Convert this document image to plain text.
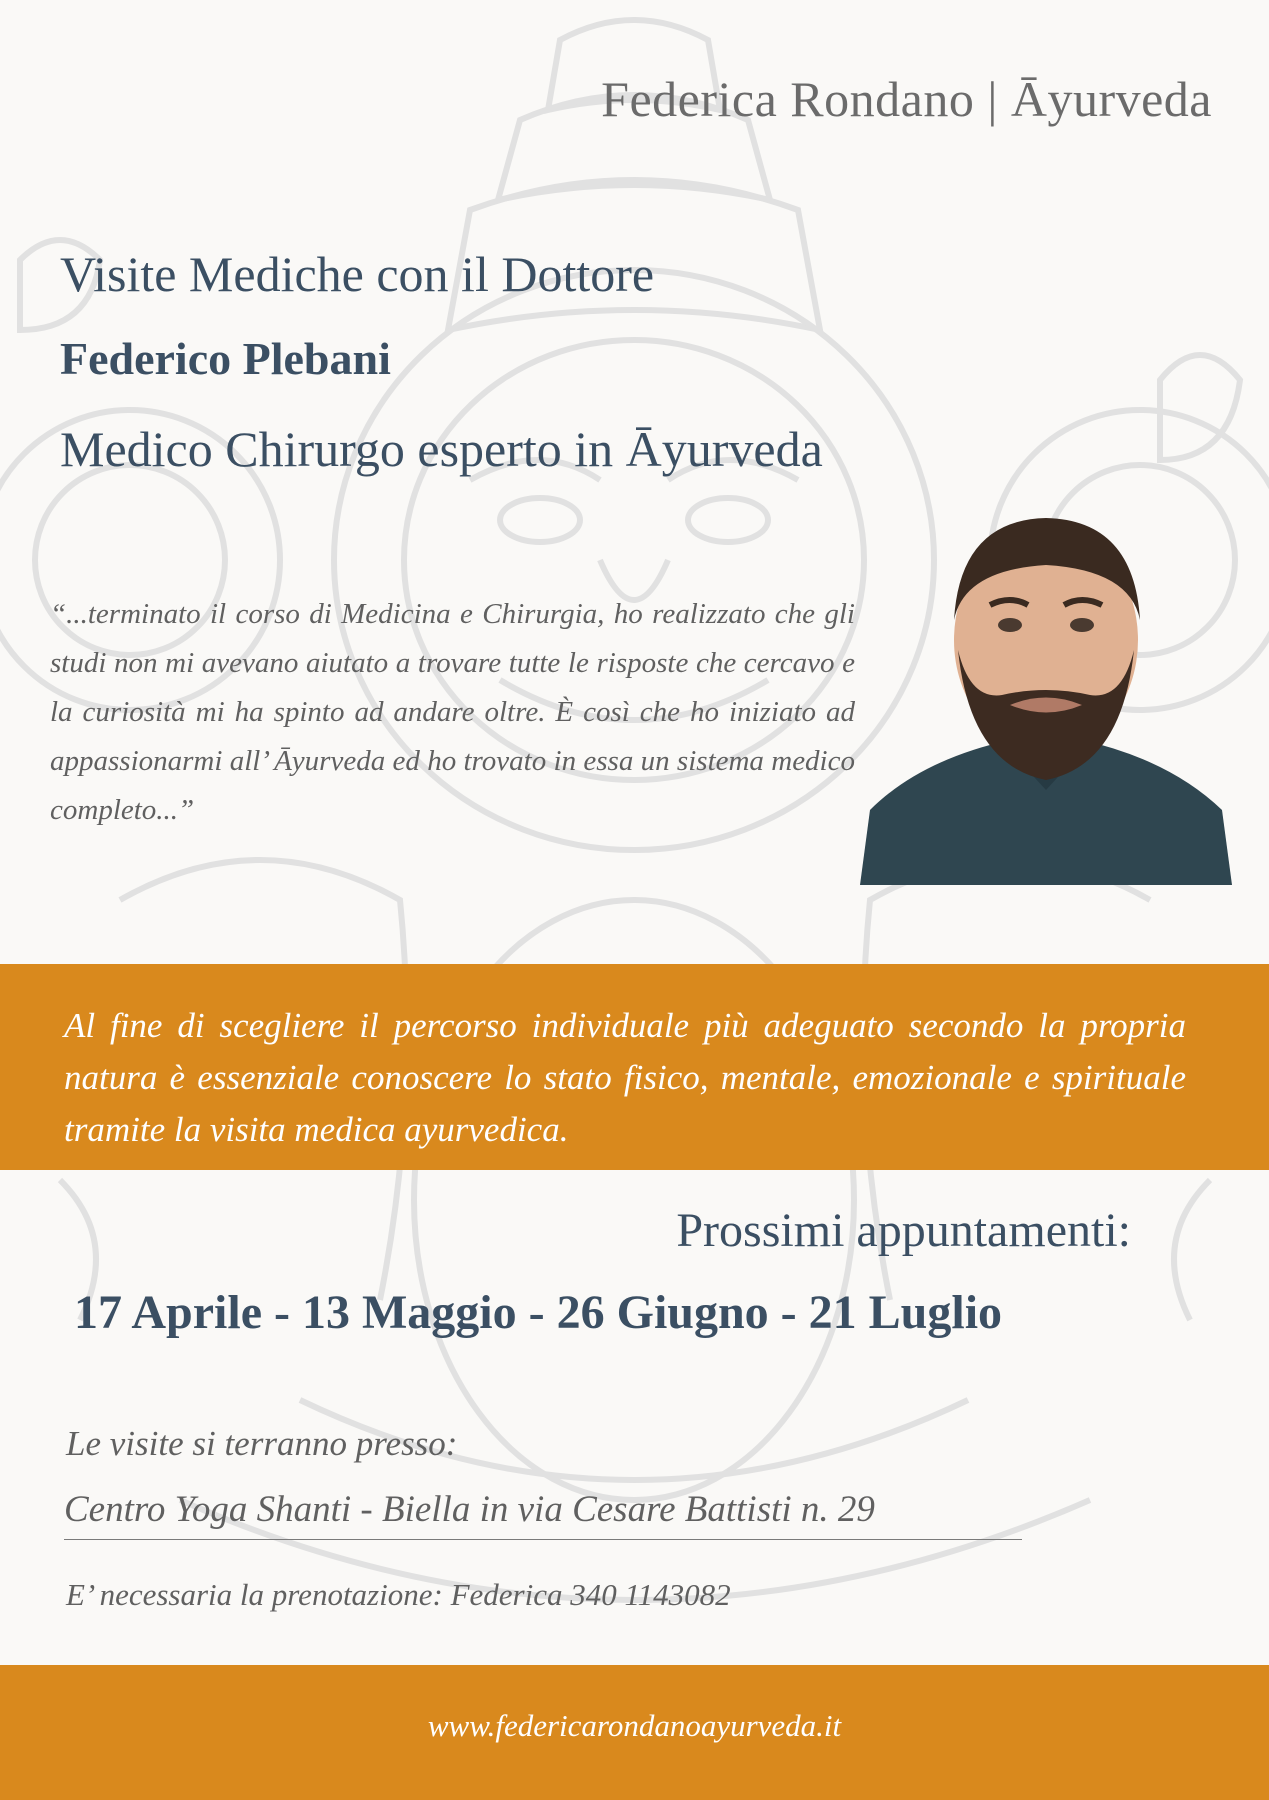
Federica Rondano | Āyurveda
Visite Mediche con il Dottore
Federico Plebani
Medico Chirurgo esperto in Āyurveda
“...terminato il corso di Medicina e Chirurgia, ho realizzato che gli studi non mi avevano aiutato a trovare tutte le risposte che cercavo e la curiosità mi ha spinto ad andare oltre. È così che ho iniziato ad appassionarmi all’ Āyurveda ed ho trovato in essa un sistema medico completo...”
Al fine di scegliere il percorso individuale più adeguato secondo la propria natura è essenziale conoscere lo stato fisico, mentale, emozionale e spirituale tramite la visita medica ayurvedica.
Prossimi appuntamenti:
17 Aprile - 13 Maggio - 26 Giugno - 21 Luglio
Le visite si terranno presso:
Centro Yoga Shanti - Biella in via Cesare Battisti n. 29
E’ necessaria la prenotazione: Federica 340 1143082
www.federicarondanoayurveda.it
